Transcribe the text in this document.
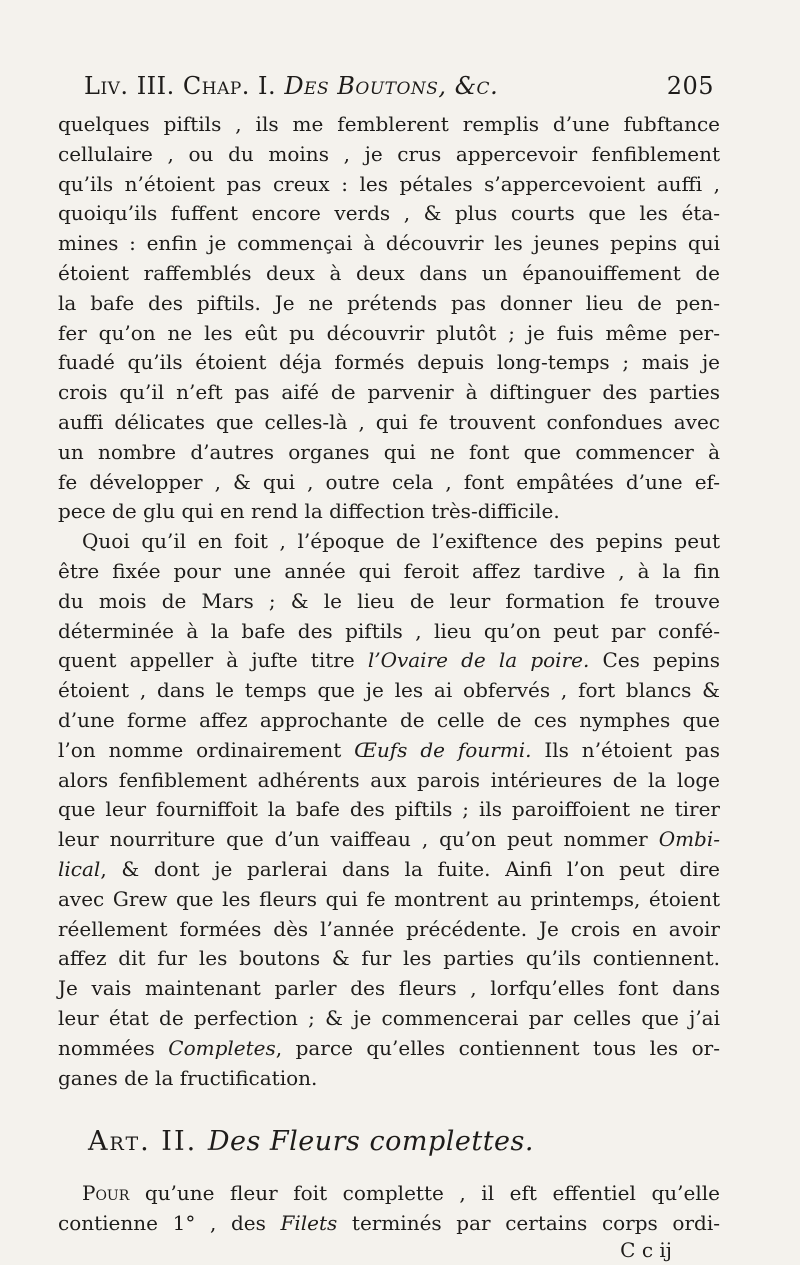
Liv. III. Chap. I. Des Boutons, &c.	205
quelques piftils , ils me femblerent remplis d’une fubftance
cellulaire , ou du moins , je crus appercevoir fenfiblement
qu’ils n’étoient pas creux : les pétales s’appercevoient auffi ,
quoiqu’ils fuffent encore verds , & plus courts que les éta-
mines : enfin je commençai à découvrir les jeunes pepins qui
étoient raffemblés deux à deux dans un épanouiffement de
la bafe des piftils. Je ne prétends pas donner lieu de pen-
fer qu’on ne les eût pu découvrir plutôt ; je fuis même per-
fuadé qu’ils étoient déja formés depuis long-temps ; mais je
crois qu’il n’eft pas aifé de parvenir à diftinguer des parties
auffi délicates que celles-là , qui fe trouvent confondues avec
un nombre d’autres organes qui ne font que commencer à
fe développer , & qui , outre cela , font empâtées d’une ef-
pece de glu qui en rend la diffection très-difficile.
Quoi qu’il en foit , l’époque de l’exiftence des pepins peut
être fixée pour une année qui feroit affez tardive , à la fin
du mois de Mars ; & le lieu de leur formation fe trouve
déterminée à la bafe des piftils , lieu qu’on peut par confé-
quent appeller à jufte titre l’Ovaire de la poire. Ces pepins
étoient , dans le temps que je les ai obfervés , fort blancs &
d’une forme affez approchante de celle de ces nymphes que
l’on nomme ordinairement Œufs de fourmi. Ils n’étoient pas
alors fenfiblement adhérents aux parois intérieures de la loge
que leur fourniffoit la bafe des piftils ; ils paroiffoient ne tirer
leur nourriture que d’un vaiffeau , qu’on peut nommer Ombi-
lical, & dont je parlerai dans la fuite. Ainfi l’on peut dire
avec Grew que les fleurs qui fe montrent au printemps, étoient
réellement formées dès l’année précédente. Je crois en avoir
affez dit fur les boutons & fur les parties qu’ils contiennent.
Je vais maintenant parler des fleurs , lorfqu’elles font dans
leur état de perfection ; & je commencerai par celles que j’ai
nommées Completes, parce qu’elles contiennent tous les or-
ganes de la fructification.
Art. II. Des Fleurs complettes.
Pour qu’une fleur foit complette , il eft effentiel qu’elle
contienne 1° , des Filets terminés par certains corps ordi-
C c ij
